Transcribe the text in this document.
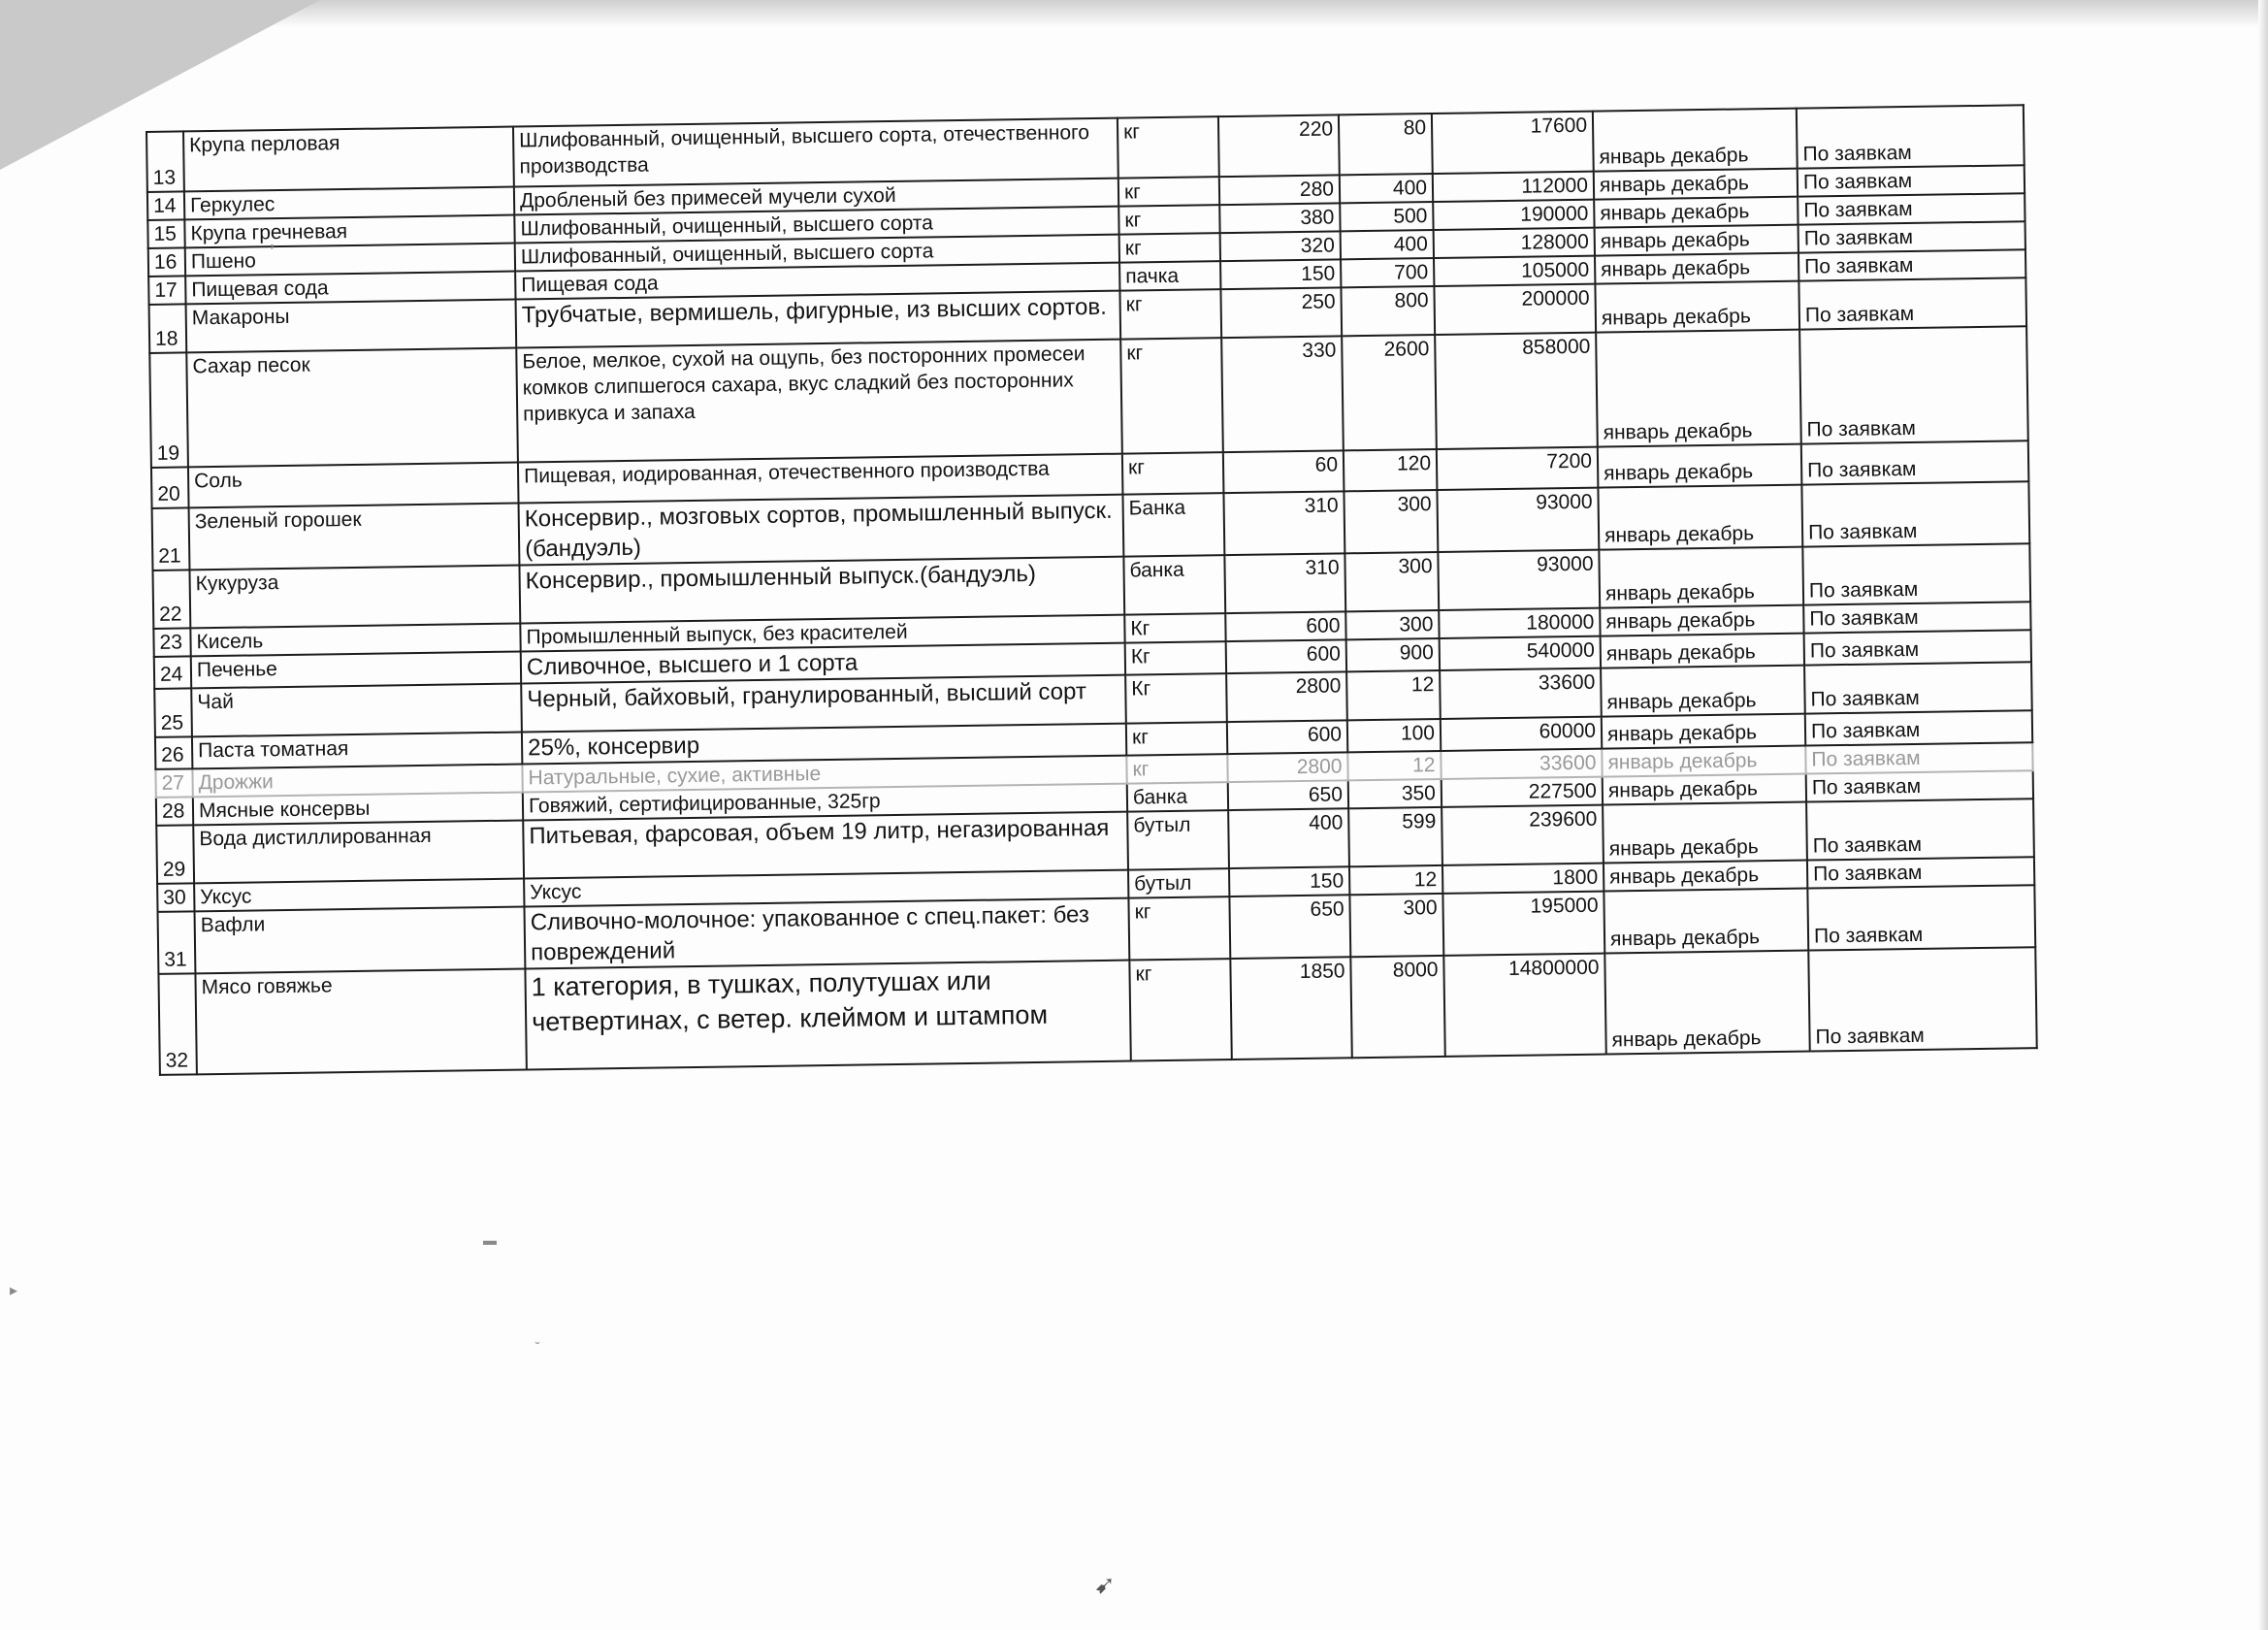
13	Крупа перловая	Шлифованный, очищенный, высшего сорта, отечественного производства	кг	220	80	17600	январь декабрь	По заявкам
14	Геркулес	Дробленый без примесей мучели сухой	кг	280	400	112000	январь декабрь	По заявкам
15	Крупа гречневая	Шлифованный, очищенный, высшего сорта	кг	380	500	190000	январь декабрь	По заявкам
16	Пшено	Шлифованный, очищенный, высшего сорта	кг	320	400	128000	январь декабрь	По заявкам
17	Пищевая сода	Пищевая сода	пачка	150	700	105000	январь декабрь	По заявкам
18	Макароны	Трубчатые, вермишель, фигурные, из высших сортов.	кг	250	800	200000	январь декабрь	По заявкам
19	Сахар песок	Белое, мелкое, сухой на ощупь, без посторонних промесеи комков слипшегося сахара, вкус сладкий без посторонних привкуса и запаха	кг	330	2600	858000	январь декабрь	По заявкам
20	Соль	Пищевая, иодированная, отечественного производства	кг	60	120	7200	январь декабрь	По заявкам
21	Зеленый горошек	Консервир., мозговых сортов, промышленный выпуск.(бандуэль)	Банка	310	300	93000	январь декабрь	По заявкам
22	Кукуруза	Консервир., промышленный выпуск.(бандуэль)	банка	310	300	93000	январь декабрь	По заявкам
23	Кисель	Промышленный выпуск, без красителей	Кг	600	300	180000	январь декабрь	По заявкам
24	Печенье	Сливочное, высшего и 1 сорта	Кг	600	900	540000	январь декабрь	По заявкам
25	Чай	Черный, байховый, гранулированный, высший сорт	Кг	2800	12	33600	январь декабрь	По заявкам
26	Паста томатная	25%, консервир	кг	600	100	60000	январь декабрь	По заявкам
27	Дрожжи	Натуральные, сухие, активные	кг	2800	12	33600	январь декабрь	По заявкам
28	Мясные консервы	Говяжий, сертифицированные, 325гр	банка	650	350	227500	январь декабрь	По заявкам
29	Вода дистиллированная	Питьевая, фарсовая, объем 19 литр, негазированная	бутыл	400	599	239600	январь декабрь	По заявкам
30	Уксус	Уксус	бутыл	150	12	1800	январь декабрь	По заявкам
31	Вафли	Сливочно-молочное: упакованное с спец.пакет: без повреждений	кг	650	300	195000	январь декабрь	По заявкам
32	Мясо говяжье	1 категория, в тушках, полутушах или четвертинах, с ветер. клеймом и штампом	кг	1850	8000	14800000	январь декабрь	По заявкам
ʼ
▬
˘
➹
▸
